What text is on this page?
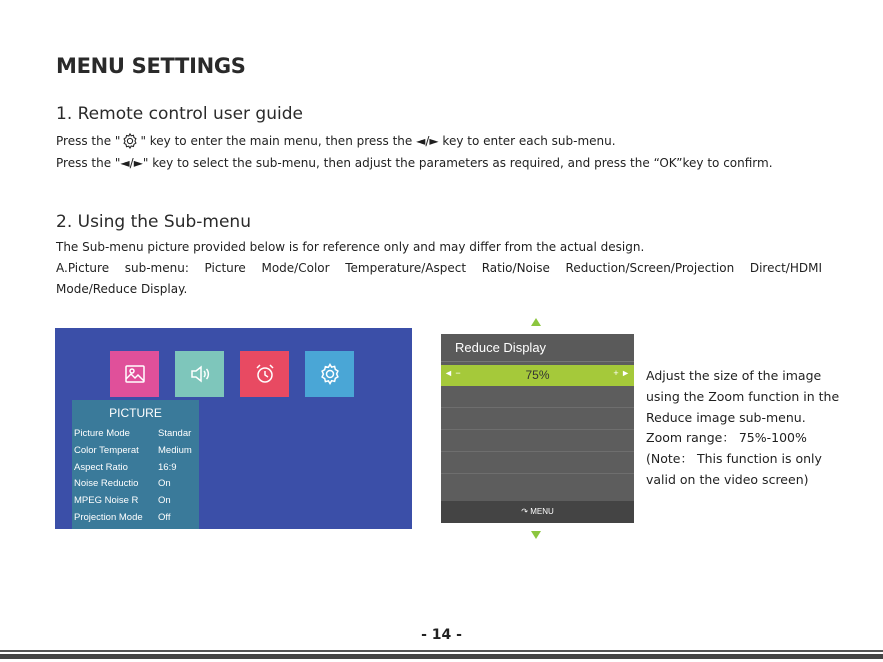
MENU SETTINGS
1. Remote control user guide
Press the " " key to enter the main menu, then press the ◄/► key to enter each sub-menu.
Press the "◄/►" key to select the sub-menu, then adjust the parameters as required, and press the “OK”key to confirm.
2. Using the Sub-menu
The Sub-menu picture provided below is for reference only and may differ from the actual design.
A.Picture sub-menu: Picture Mode/Color Temperature/Aspect Ratio/Noise Reduction/Screen/Projection Direct/HDMI
Mode/Reduce Display.
PICTURE
Picture Mode	Standar
Color Temperat Medium
Aspect Ratio	16:9
Noise Reductio On
MPEG Noise R On
Projection Mode Off
Reduce Display
◄ −	75%	+ ►
↷ MENU
Adjust the size of the image
using the Zoom function in the
Reduce image sub-menu.
Zoom range： 75%-100%
(Note： This function is only
valid on the video screen)
- 14 -
